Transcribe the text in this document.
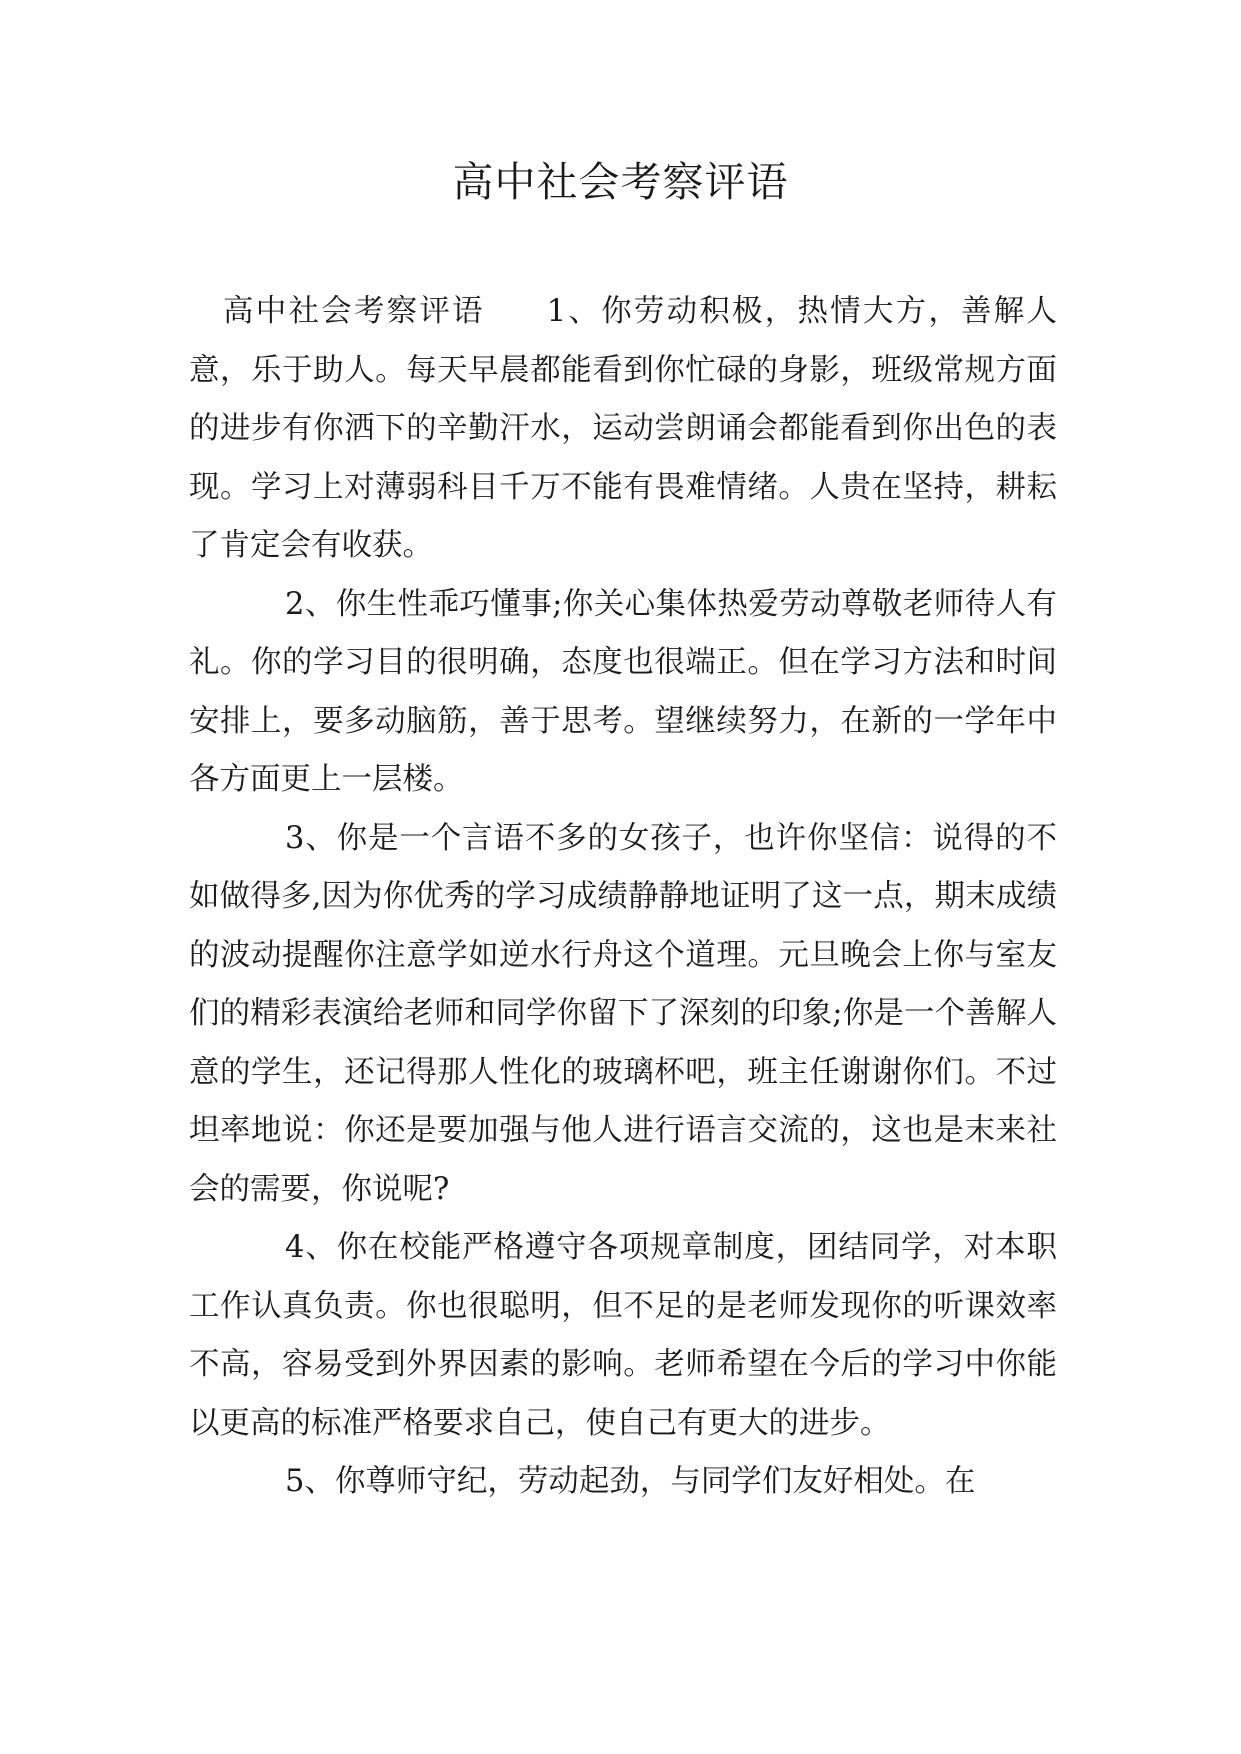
高中社会考察评语

高中社会考察评语 1、你劳动积极，热情大方，善解人意，乐于助人。每天早晨都能看到你忙碌的身影，班级常规方面的进步有你洒下的辛勤汗水，运动尝朗诵会都能看到你出色的表现。学习上对薄弱科目千万不能有畏难情绪。人贵在坚持，耕耘了肯定会有收获。

2、你生性乖巧懂事;你关心集体热爱劳动尊敬老师待人有礼。你的学习目的很明确，态度也很端正。但在学习方法和时间安排上，要多动脑筋，善于思考。望继续努力，在新的一学年中各方面更上一层楼。

3、你是一个言语不多的女孩子，也许你坚信：说得的不如做得多,因为你优秀的学习成绩静静地证明了这一点，期末成绩的波动提醒你注意学如逆水行舟这个道理。元旦晚会上你与室友们的精彩表演给老师和同学你留下了深刻的印象;你是一个善解人意的学生，还记得那人性化的玻璃杯吧，班主任谢谢你们。不过坦率地说：你还是要加强与他人进行语言交流的，这也是末来社会的需要，你说呢?

4、你在校能严格遵守各项规章制度，团结同学，对本职工作认真负责。你也很聪明，但不足的是老师发现你的听课效率不高，容易受到外界因素的影响。老师希望在今后的学习中你能以更高的标准严格要求自己，使自己有更大的进步。

5、你尊师守纪，劳动起劲，与同学们友好相处。在
